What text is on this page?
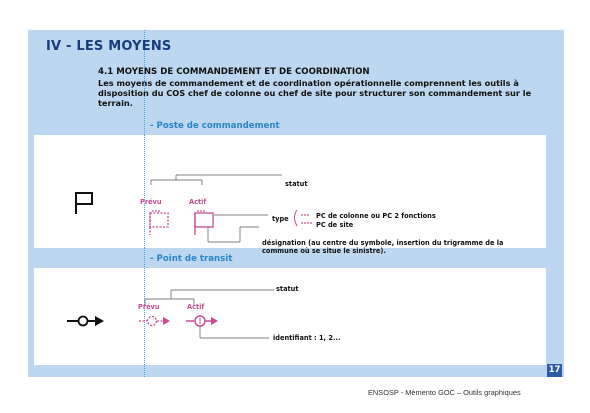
IV - LES MOYENS
4.1 MOYENS DE COMMANDEMENT ET DE COORDINATION
Les moyens de commandement et de coordination opérationnelle comprennent les outils à disposition du COS chef de colonne ou chef de site pour structurer son commandement sur le terrain.
- Poste de commandement
statut
Prévu	Actif
type	PC de colonne ou PC 2 fonctions
PC de site
désignation (au centre du symbole, insertion du trigramme de la commune où se situe le sinistre).
- Point de transit
statut
Prévu	Actif
identifiant : 1, 2...
17
ENSOSP - Mémento GOC – Outils graphiques
